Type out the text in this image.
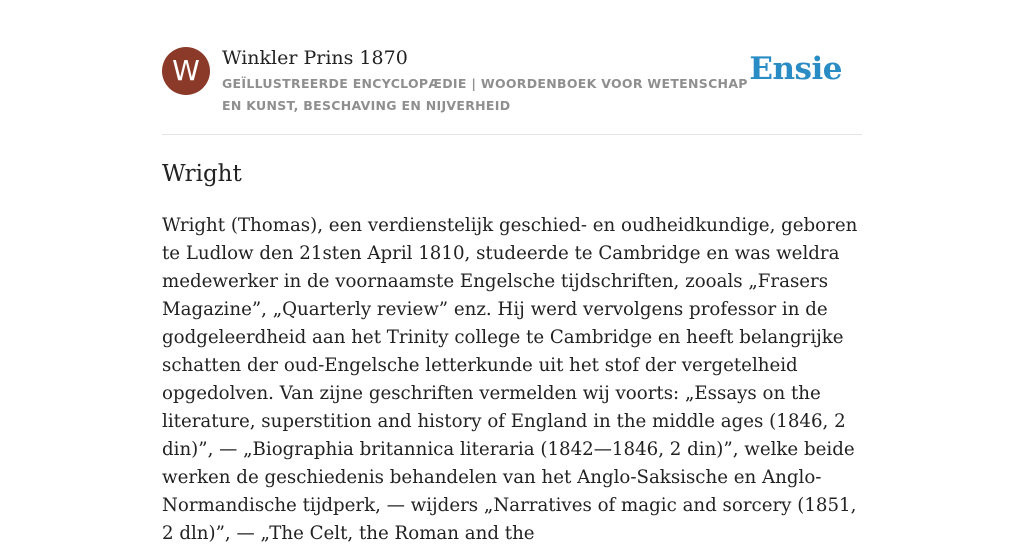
W	Winkler Prins 1870

GEÏLLUSTREERDE ENCYCLOPÆDIE | WOORDENBOEK VOOR WETENSCHAP EN KUNST, BESCHAVING EN NIJVERHEID

Ensie
Wright

Wright (Thomas), een verdienstelijk geschied- en oudheidkundige, geboren te Ludlow den 21sten April 1810, studeerde te Cambridge en was weldra medewerker in de voornaamste Engelsche tijdschriften, zooals „Frasers Magazine”, „Quarterly review” enz. Hij werd vervolgens professor in de godgeleerdheid aan het Trinity college te Cambridge en heeft belangrijke schatten der oud-Engelsche letterkunde uit het stof der vergetelheid opgedolven. Van zijne geschriften vermelden wij voorts: „Essays on the literature, superstition and history of England in the middle ages (1846, 2 din)”, — „Biographia britannica literaria (1842—1846, 2 din)”, welke beide werken de geschiedenis behandelen van het Anglo-Saksische en Anglo-Normandische tijdperk, — wijders „Narratives of magic and sorcery (1851, 2 dln)”, — „The Celt, the Roman and the
